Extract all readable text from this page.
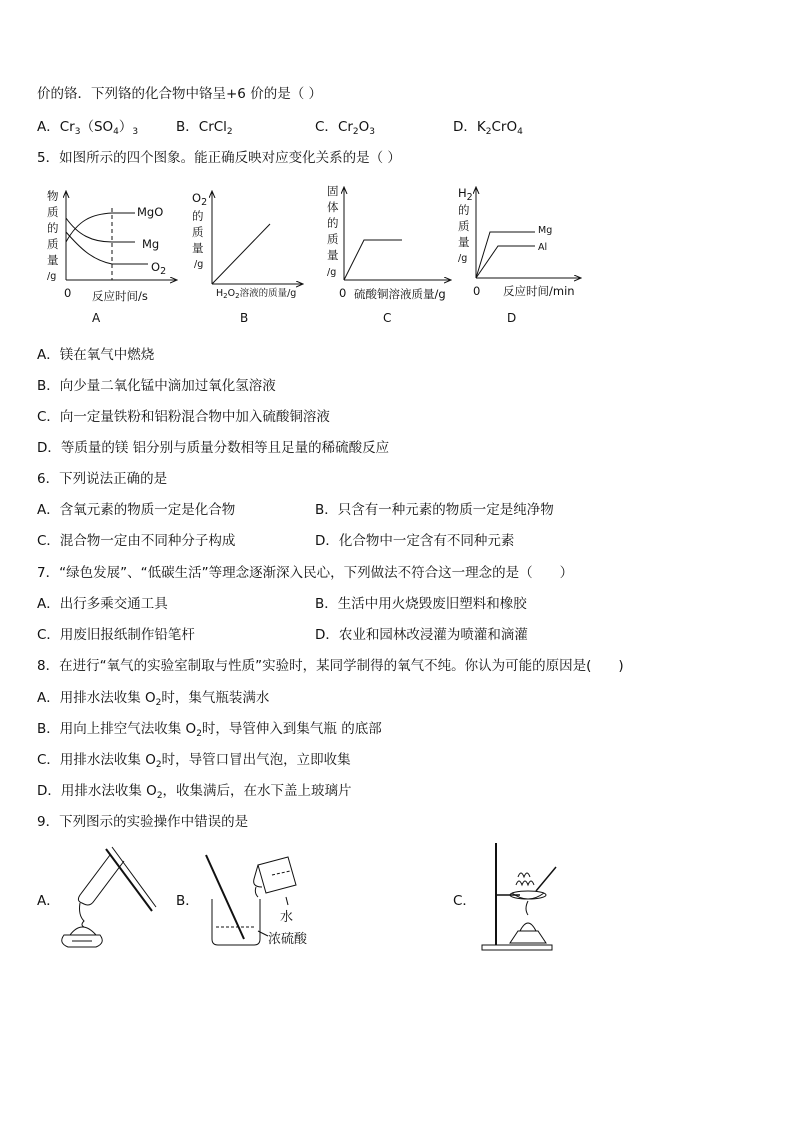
价的铬．下列铬的化合物中铬呈+6 价的是（ ）
A．$Cr_3(SO_4)_3$	B．CrCl$_2$	C．$Cr_2O_3$	D．$K_2CrO_4$
5．如图所示的四个图象。能正确反映对应变化关系的是（ ）
物
质
的
质
量
/g
MgO
Mg
$O_2$
0 反应时间/s
A
$O_2$
的
质
量
/g
$H_2O_2$溶液的质量/g
B
固
体
的
质
量
/g
0 硫酸铜溶液质量/g
C
$H_2$
的
质
量
/g
Mg
Al
0 反应时间/min
D
A．镁在氧气中燃烧
B．向少量二氧化锰中滴加过氧化氢溶液
C．向一定量铁粉和铝粉混合物中加入硫酸铜溶液
D．等质量的镁 铝分别与质量分数相等且足量的稀硫酸反应
6．下列说法正确的是
A．含氧元素的物质一定是化合物	B．只含有一种元素的物质一定是纯净物
C．混合物一定由不同种分子构成	D．化合物中一定含有不同种元素
7．“绿色发展”、“低碳生活”等理念逐渐深入民心，下列做法不符合这一理念的是（　　）
A．出行多乘交通工具	B．生活中用火烧毁废旧塑料和橡胶
C．用废旧报纸制作铅笔杆	D．农业和园林改浸灌为喷灌和滴灌
8．在进行“氧气的实验室制取与性质”实验时，某同学制得的氧气不纯。你认为可能的原因是(　　)
A．用排水法收集 $O_2$时，集气瓶装满水
B．用向上排空气法收集 $O_2$时，导管伸入到集气瓶 的底部
C．用排水法收集 $O_2$时，导管口冒出气泡，立即收集
D．用排水法收集 $O_2$，收集满后，在水下盖上玻璃片
9．下列图示的实验操作中错误的是
A．	B．	C．
水
浓硫酸
